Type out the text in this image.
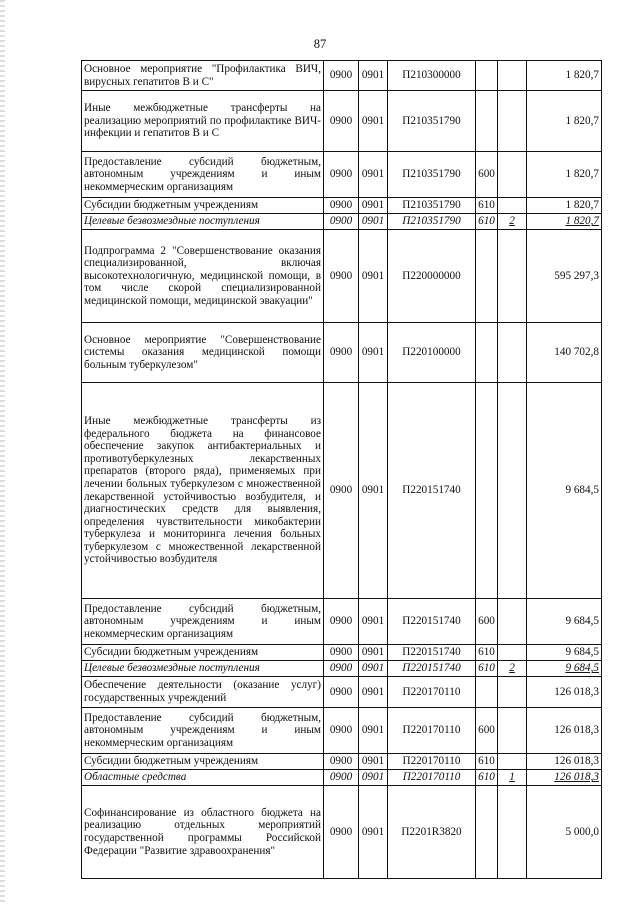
87
Основное мероприятие "Профилактика ВИЧ, вирусных гепатитов В и С"	0900	0901	П210300000			1 820,7
Иные межбюджетные трансферты на реализацию мероприятий по профилактике ВИЧ-инфекции и гепатитов В и С	0900	0901	П210351790			1 820,7
Предоставление субсидий бюджетным, автономным учреждениям и иным некоммерческим организациям	0900	0901	П210351790	600		1 820,7
Субсидии бюджетным учреждениям	0900	0901	П210351790	610		1 820,7
Целевые безвозмездные поступления	0900	0901	П210351790	610	2	1 820,7
Подпрограмма 2 "Совершенствование оказания специализированной, включая высокотехнологичную, медицинской помощи, в том числе скорой специализированной медицинской помощи, медицинской эвакуации"	0900	0901	П220000000			595 297,3
Основное мероприятие "Совершенствование системы оказания медицинской помощи больным туберкулезом"	0900	0901	П220100000			140 702,8
Иные межбюджетные трансферты из федерального бюджета на финансовое обеспечение закупок антибактериальных и противотуберкулезных лекарственных препаратов (второго ряда), применяемых при лечении больных туберкулезом с множественной лекарственной устойчивостью возбудителя, и диагностических средств для выявления, определения чувствительности микобактерии туберкулеза и мониторинга лечения больных туберкулезом с множественной лекарственной устойчивостью возбудителя	0900	0901	П220151740			9 684,5
Предоставление субсидий бюджетным, автономным учреждениям и иным некоммерческим организациям	0900	0901	П220151740	600		9 684,5
Субсидии бюджетным учреждениям	0900	0901	П220151740	610		9 684,5
Целевые безвозмездные поступления	0900	0901	П220151740	610	2	9 684,5
Обеспечение деятельности (оказание услуг) государственных учреждений	0900	0901	П220170110			126 018,3
Предоставление субсидий бюджетным, автономным учреждениям и иным некоммерческим организациям	0900	0901	П220170110	600		126 018,3
Субсидии бюджетным учреждениям	0900	0901	П220170110	610		126 018,3
Областные средства	0900	0901	П220170110	610	1	126 018,3
Софинансирование из областного бюджета на реализацию отдельных мероприятий государственной программы Российской Федерации "Развитие здравоохранения"	0900	0901	П2201R3820			5 000,0
